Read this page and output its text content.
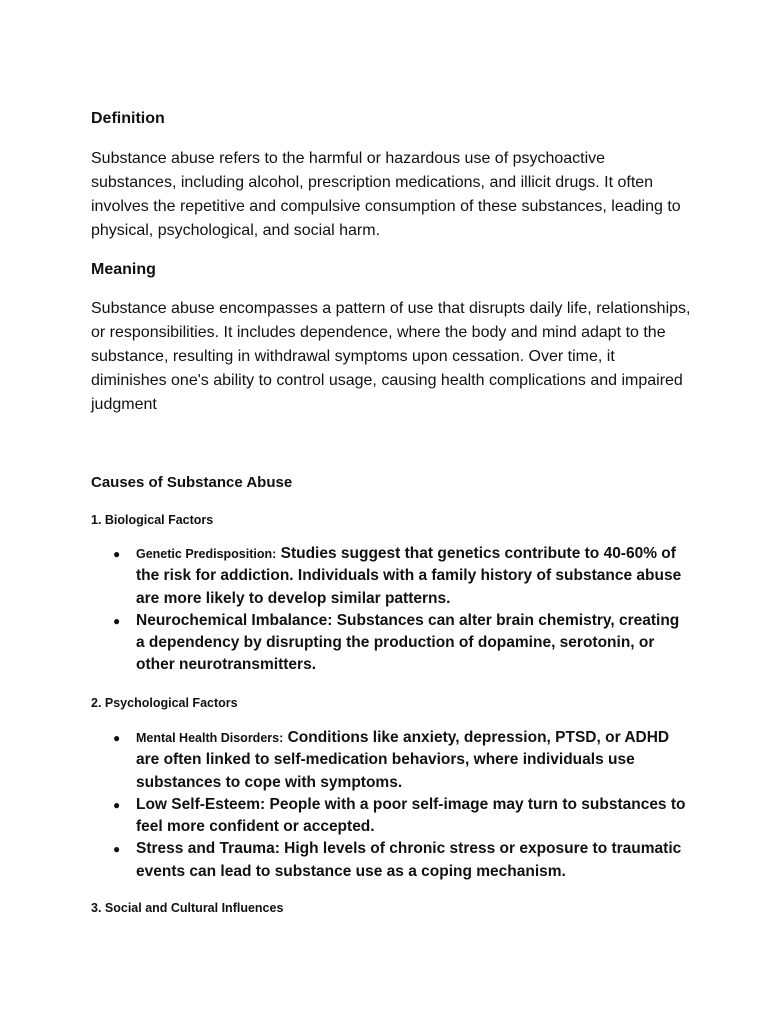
Definition

Substance abuse refers to the harmful or hazardous use of psychoactive substances, including alcohol, prescription medications, and illicit drugs. It often involves the repetitive and compulsive consumption of these substances, leading to physical, psychological, and social harm.

Meaning

Substance abuse encompasses a pattern of use that disrupts daily life, relationships, or responsibilities. It includes dependence, where the body and mind adapt to the substance, resulting in withdrawal symptoms upon cessation. Over time, it diminishes one's ability to control usage, causing health complications and impaired judgment

Causes of Substance Abuse
1. Biological Factors
● Genetic Predisposition: Studies suggest that genetics contribute to 40-60% of the risk for addiction. Individuals with a family history of substance abuse are more likely to develop similar patterns.
● Neurochemical Imbalance: Substances can alter brain chemistry, creating a dependency by disrupting the production of dopamine, serotonin, or other neurotransmitters.
2. Psychological Factors
● Mental Health Disorders: Conditions like anxiety, depression, PTSD, or ADHD are often linked to self-medication behaviors, where individuals use substances to cope with symptoms.
● Low Self-Esteem: People with a poor self-image may turn to substances to feel more confident or accepted.
● Stress and Trauma: High levels of chronic stress or exposure to traumatic events can lead to substance use as a coping mechanism.
3. Social and Cultural Influences
